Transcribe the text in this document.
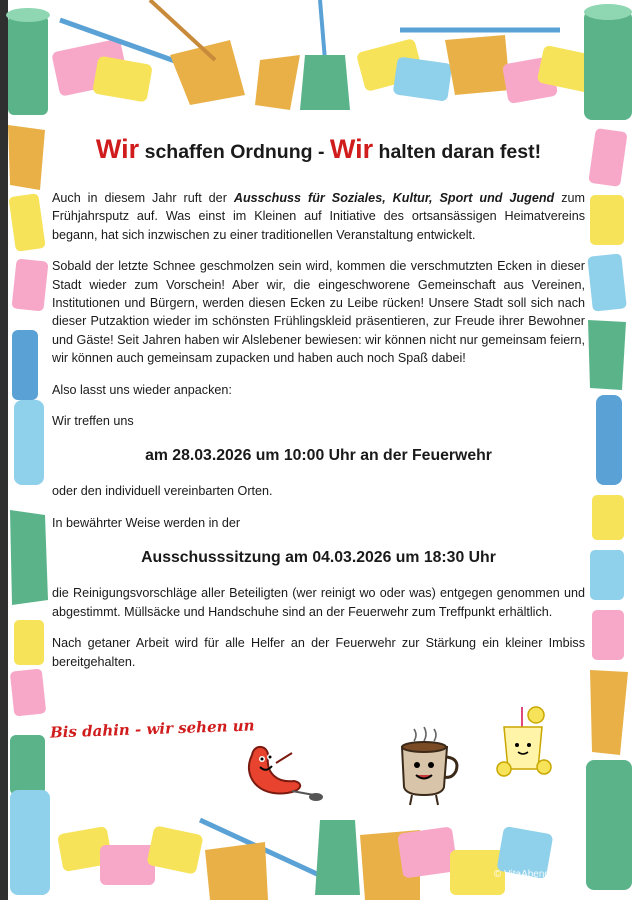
Wir schaffen Ordnung - Wir halten daran fest!

Auch in diesem Jahr ruft der Ausschuss für Soziales, Kultur, Sport und Jugend zum Frühjahrsputz auf. Was einst im Kleinen auf Initiative des ortsansässigen Heimatvereins begann, hat sich inzwischen zu einer traditionellen Veranstaltung entwickelt.

Sobald der letzte Schnee geschmolzen sein wird, kommen die verschmutzten Ecken in dieser Stadt wieder zum Vorschein! Aber wir, die eingeschworene Gemeinschaft aus Vereinen, Institutionen und Bürgern, werden diesen Ecken zu Leibe rücken! Unsere Stadt soll sich nach dieser Putzaktion wieder im schönsten Frühlingskleid präsentieren, zur Freude ihrer Bewohner und Gäste! Seit Jahren haben wir Alslebener bewiesen: wir können nicht nur gemeinsam feiern, wir können auch gemeinsam zupacken und haben auch noch Spaß dabei!

Also lasst uns wieder anpacken:

Wir treffen uns

am 28.03.2026 um 10:00 Uhr an der Feuerwehr

oder den individuell vereinbarten Orten.

In bewährter Weise werden in der

Ausschusssitzung am 04.03.2026 um 18:30 Uhr

die Reinigungsvorschläge aller Beteiligten (wer reinigt wo oder was) entgegen genommen und abgestimmt. Müllsäcke und Handschuhe sind an der Feuerwehr zum Treffpunkt erhältlich.

Nach getaner Arbeit wird für alle Helfer an der Feuerwehr zur Stärkung ein kleiner Imbiss bereitgehalten.

Bis dahin - wir sehen un
© VitaAbend™
